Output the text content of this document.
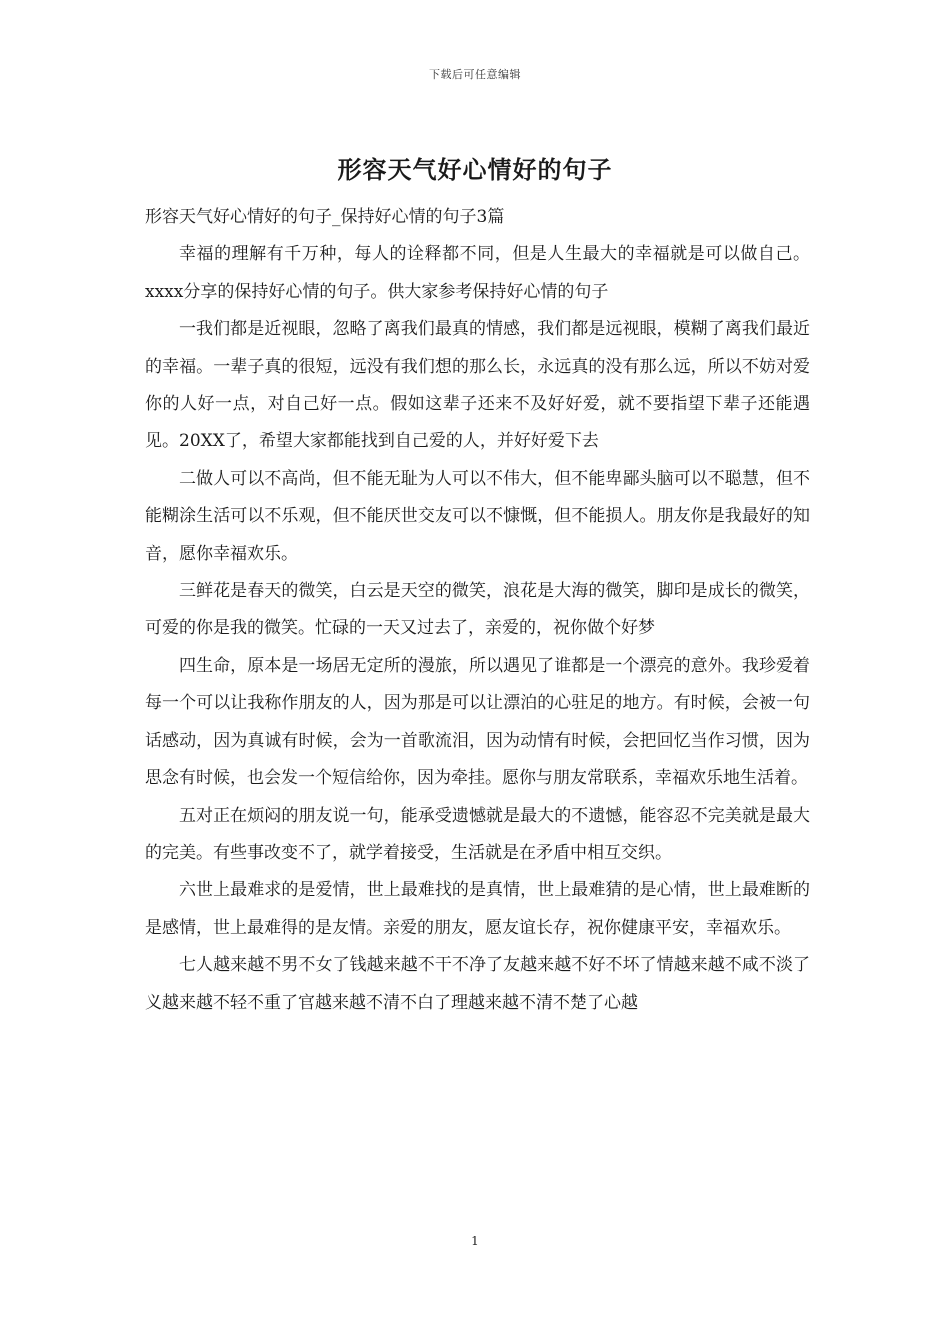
下载后可任意编辑
形容天气好心情好的句子

形容天气好心情好的句子_保持好心情的句子3篇

幸福的理解有千万种，每人的诠释都不同，但是人生最大的幸福就是可以做自己。xxxx分享的保持好心情的句子。供大家参考保持好心情的句子

一我们都是近视眼，忽略了离我们最真的情感，我们都是远视眼，模糊了离我们最近的幸福。一辈子真的很短，远没有我们想的那么长，永远真的没有那么远，所以不妨对爱你的人好一点，对自己好一点。假如这辈子还来不及好好爱，就不要指望下辈子还能遇见。20XX了，希望大家都能找到自己爱的人，并好好爱下去

二做人可以不高尚，但不能无耻为人可以不伟大，但不能卑鄙头脑可以不聪慧，但不能糊涂生活可以不乐观，但不能厌世交友可以不慷慨，但不能损人。朋友你是我最好的知音，愿你幸福欢乐。

三鲜花是春天的微笑，白云是天空的微笑，浪花是大海的微笑，脚印是成长的微笑，可爱的你是我的微笑。忙碌的一天又过去了，亲爱的，祝你做个好梦

四生命，原本是一场居无定所的漫旅，所以遇见了谁都是一个漂亮的意外。我珍爱着每一个可以让我称作朋友的人，因为那是可以让漂泊的心驻足的地方。有时候，会被一句话感动，因为真诚有时候，会为一首歌流泪，因为动情有时候，会把回忆当作习惯，因为思念有时候，也会发一个短信给你，因为牵挂。愿你与朋友常联系，幸福欢乐地生活着。

五对正在烦闷的朋友说一句，能承受遗憾就是最大的不遗憾，能容忍不完美就是最大的完美。有些事改变不了，就学着接受，生活就是在矛盾中相互交织。

六世上最难求的是爱情，世上最难找的是真情，世上最难猜的是心情，世上最难断的是感情，世上最难得的是友情。亲爱的朋友，愿友谊长存，祝你健康平安，幸福欢乐。

七人越来越不男不女了钱越来越不干不净了友越来越不好不坏了情越来越不咸不淡了义越来越不轻不重了官越来越不清不白了理越来越不清不楚了心越

1
